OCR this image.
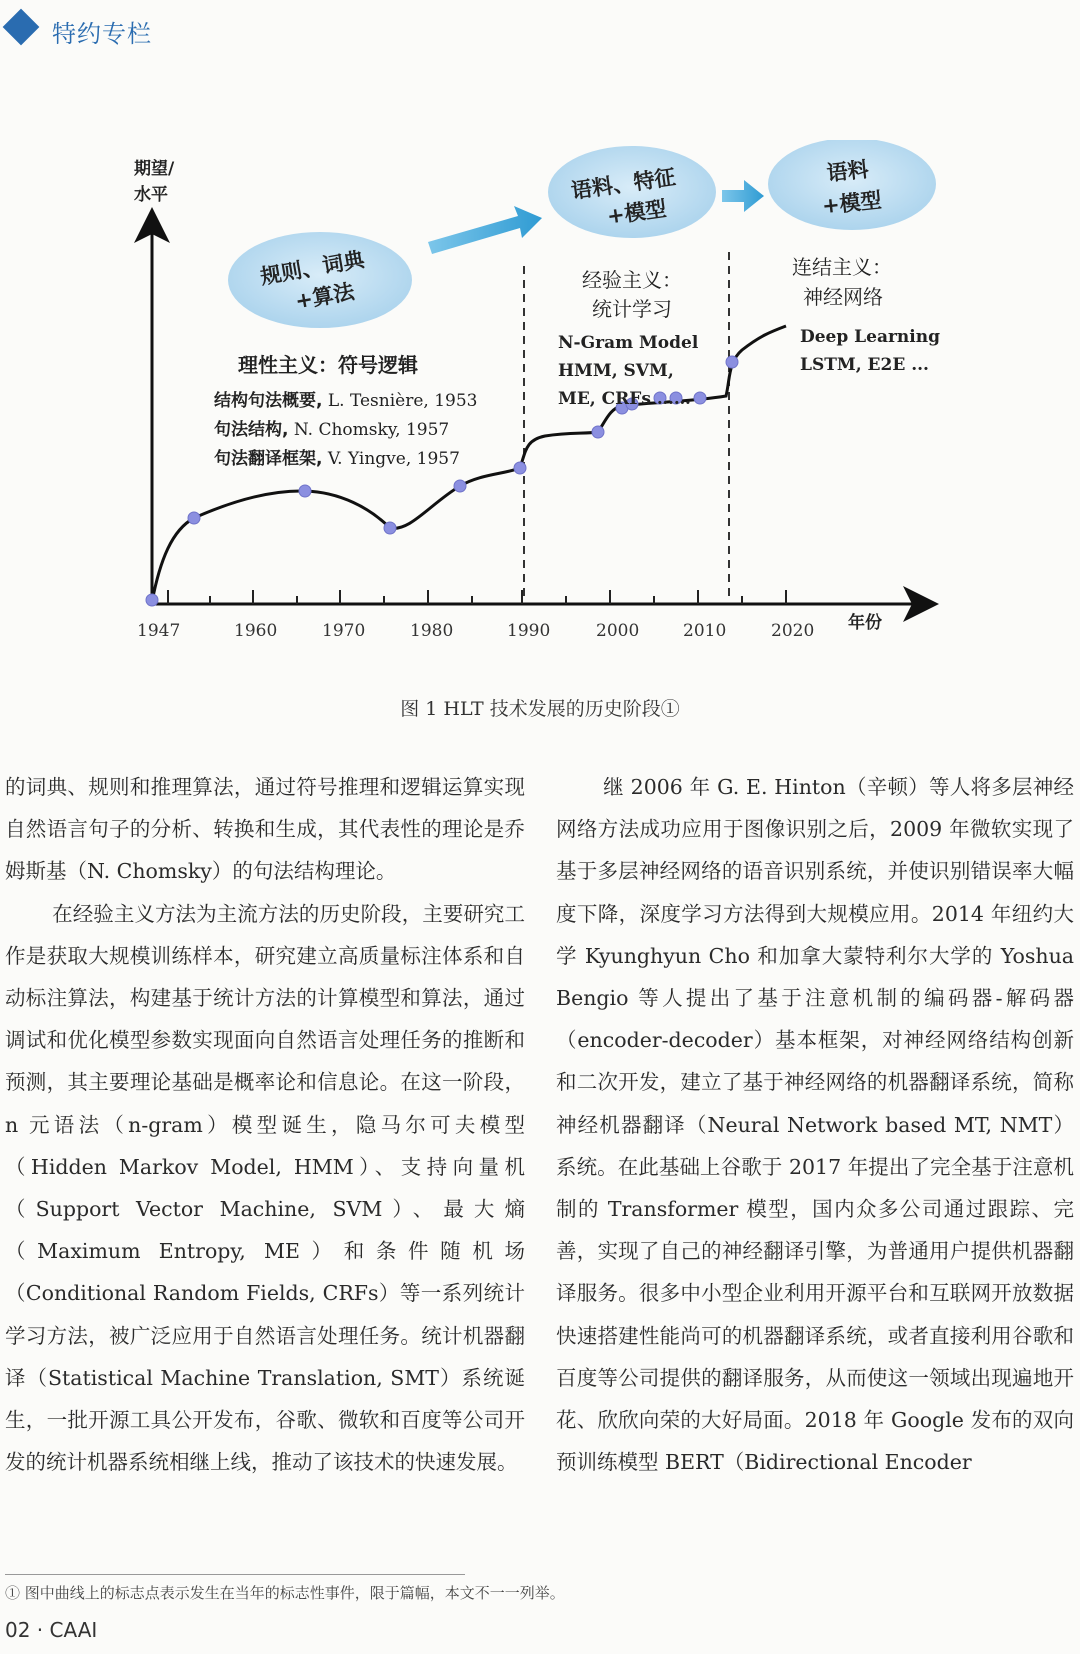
特约专栏
期望/
水平
年份
1947	1960	1970	1980	1990	2000	2010	2020
规则、词典
+算法
语料、特征
+模型
语料
+模型
理性主义：符号逻辑
结构句法概要, L. Tesnière, 1953
句法结构, N. Chomsky, 1957
句法翻译框架, V. Yingve, 1957
经验主义：
统计学习
N-Gram Model
HMM, SVM,
ME, CRFs ……
连结主义：
神经网络
Deep Learning
LSTM, E2E ...
图 1 HLT 技术发展的历史阶段①

的词典、规则和推理算法，通过符号推理和逻辑运算实现自然语言句子的分析、转换和生成，其代表性的理论是乔姆斯基（N. Chomsky）的句法结构理论。

在经验主义方法为主流方法的历史阶段，主要研究工作是获取大规模训练样本，研究建立高质量标注体系和自动标注算法，构建基于统计方法的计算模型和算法，通过调试和优化模型参数实现面向自然语言处理任务的推断和预测，其主要理论基础是概率论和信息论。在这一阶段，n 元语法（n-gram）模型诞生，隐马尔可夫模型（Hidden Markov Model, HMM）、支持向量机（Support Vector Machine, SVM）、最大熵（Maximum Entropy, ME）和条件随机场（Conditional Random Fields, CRFs）等一系列统计学习方法，被广泛应用于自然语言处理任务。统计机器翻译（Statistical Machine Translation, SMT）系统诞生，一批开源工具公开发布，谷歌、微软和百度等公司开发的统计机器系统相继上线，推动了该技术的快速发展。

继 2006 年 G. E. Hinton（辛顿）等人将多层神经网络方法成功应用于图像识别之后，2009 年微软实现了基于多层神经网络的语音识别系统，并使识别错误率大幅度下降，深度学习方法得到大规模应用。2014 年纽约大学 Kyunghyun Cho 和加拿大蒙特利尔大学的 Yoshua Bengio 等人提出了基于注意机制的编码器-解码器（encoder-decoder）基本框架，对神经网络结构创新和二次开发，建立了基于神经网络的机器翻译系统，简称神经机器翻译（Neural Network based MT, NMT）系统。在此基础上谷歌于 2017 年提出了完全基于注意机制的 Transformer 模型，国内众多公司通过跟踪、完善，实现了自己的神经翻译引擎，为普通用户提供机器翻译服务。很多中小型企业利用开源平台和互联网开放数据快速搭建性能尚可的机器翻译系统，或者直接利用谷歌和百度等公司提供的翻译服务，从而使这一领域出现遍地开花、欣欣向荣的大好局面。2018 年 Google 发布的双向预训练模型 BERT（Bidirectional Encoder

① 图中曲线上的标志点表示发生在当年的标志性事件，限于篇幅，本文不一一列举。
02 · CAAI
